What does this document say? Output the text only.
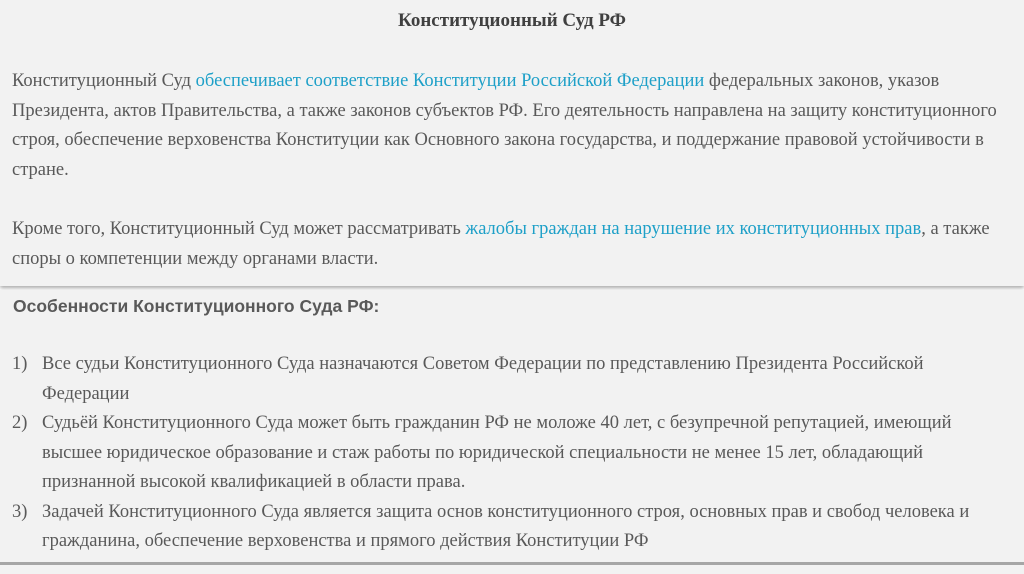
Конституционный Суд РФ
Конституционный Суд обеспечивает соответствие Конституции Российской Федерации федеральных законов, указов Президента, актов Правительства, а также законов субъектов РФ. Его деятельность направлена на защиту конституционного строя, обеспечение верховенства Конституции как Основного закона государства, и поддержание правовой устойчивости в стране.
Кроме того, Конституционный Суд может рассматривать жалобы граждан на нарушение их конституционных прав, а также споры о компетенции между органами власти.
Особенности Конституционного Суда РФ:
1) Все судьи Конституционного Суда назначаются Советом Федерации по представлению Президента Российской Федерации
2) Судьёй Конституционного Суда может быть гражданин РФ не моложе 40 лет, с безупречной репутацией, имеющий высшее юридическое образование и стаж работы по юридической специальности не менее 15 лет, обладающий признанной высокой квалификацией в области права.
3) Задачей Конституционного Суда является защита основ конституционного строя, основных прав и свобод человека и гражданина, обеспечение верховенства и прямого действия Конституции РФ
